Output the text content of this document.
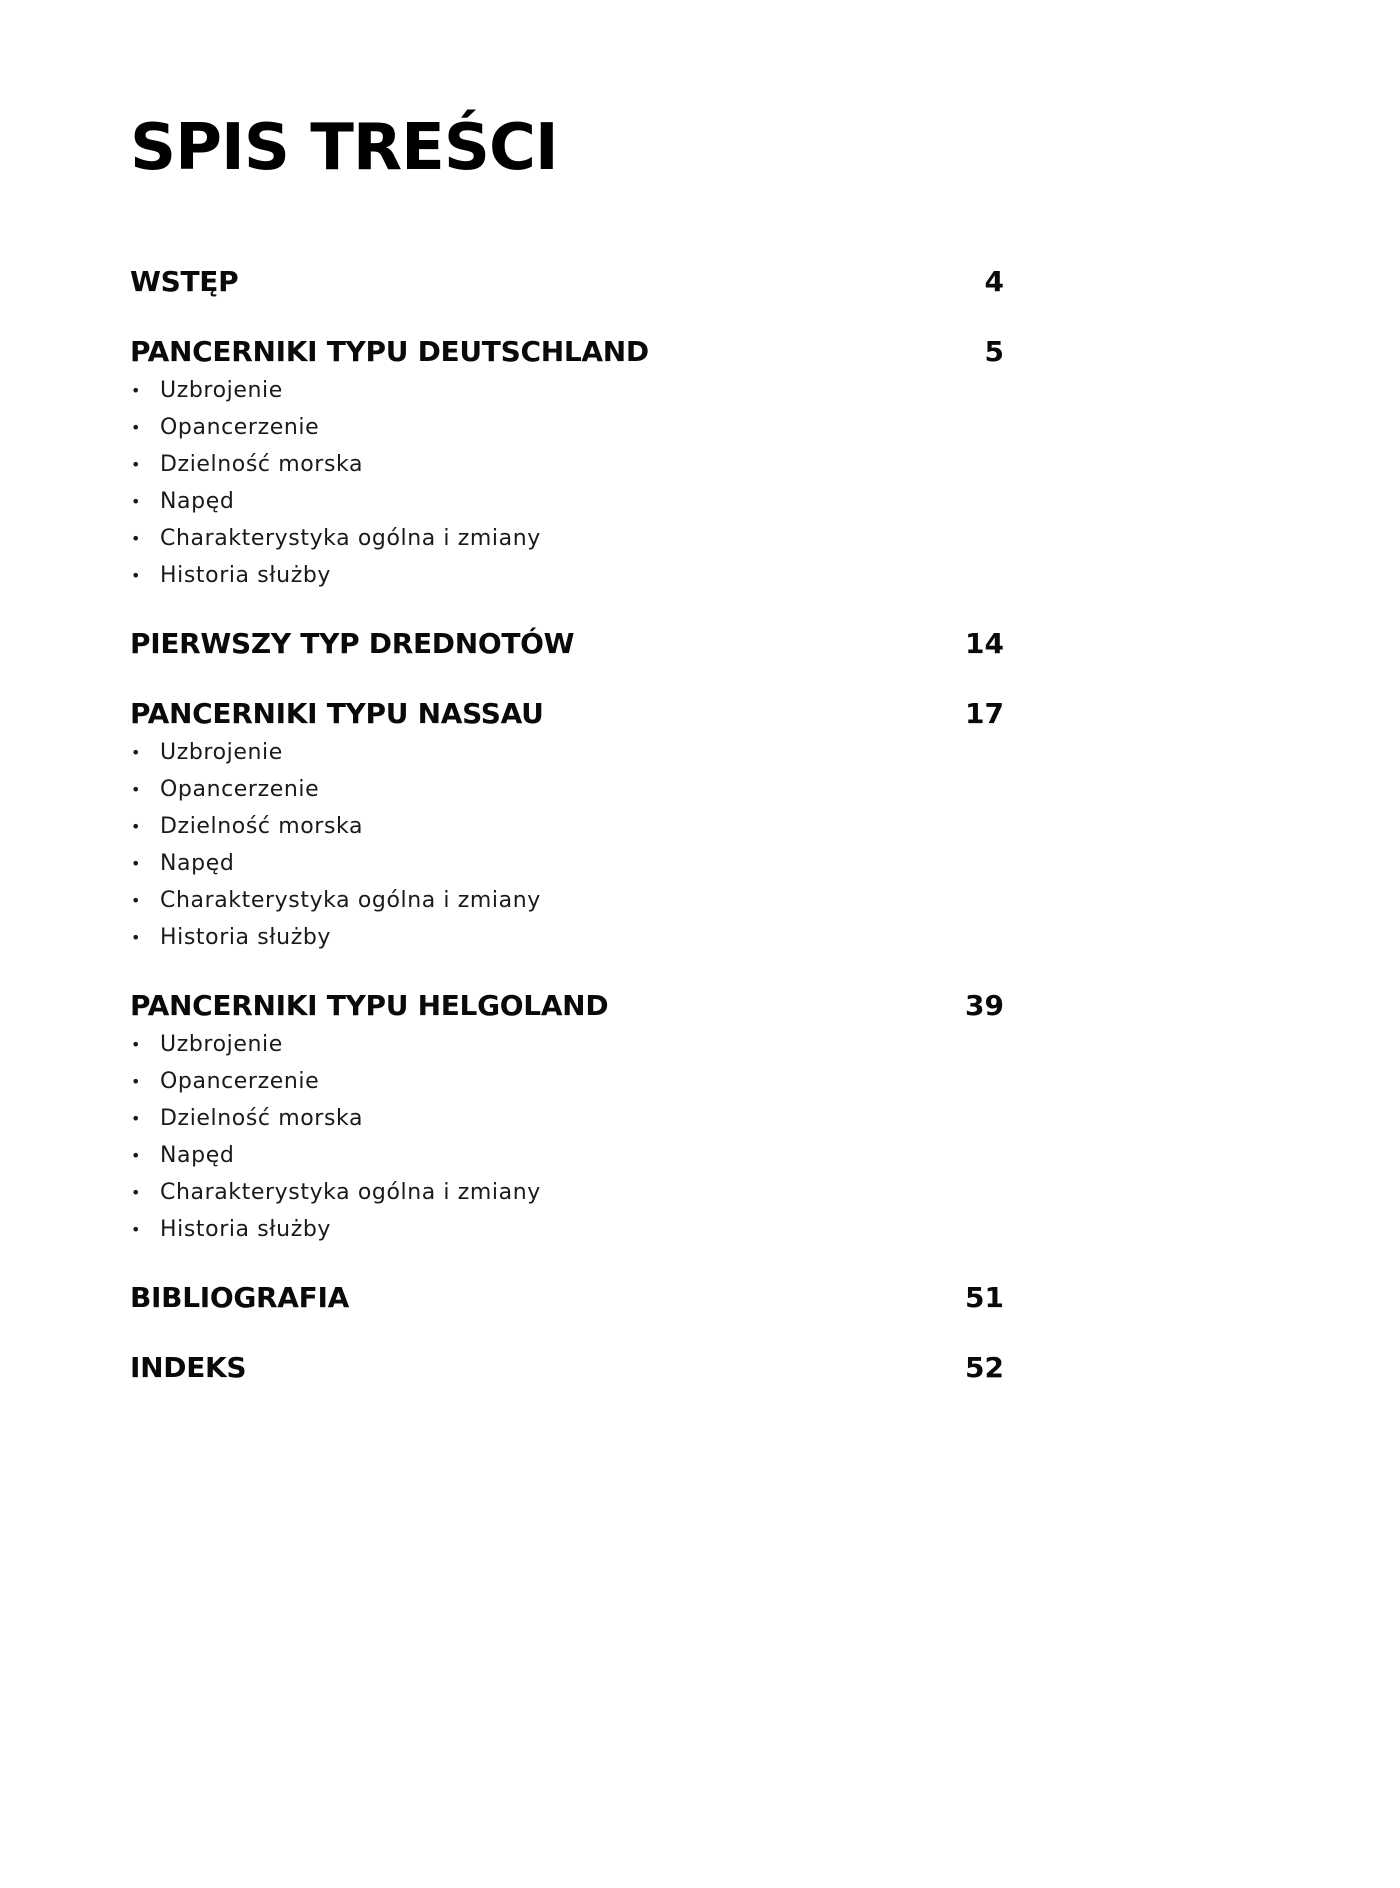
SPIS TREŚCI
WSTĘP	4
PANCERNIKI TYPU DEUTSCHLAND	5
• Uzbrojenie
• Opancerzenie
• Dzielność morska
• Napęd
• Charakterystyka ogólna i zmiany
• Historia służby
PIERWSZY TYP DREDNOTÓW	14
PANCERNIKI TYPU NASSAU	17
• Uzbrojenie
• Opancerzenie
• Dzielność morska
• Napęd
• Charakterystyka ogólna i zmiany
• Historia służby
PANCERNIKI TYPU HELGOLAND	39
• Uzbrojenie
• Opancerzenie
• Dzielność morska
• Napęd
• Charakterystyka ogólna i zmiany
• Historia służby
BIBLIOGRAFIA	51
INDEKS	52
